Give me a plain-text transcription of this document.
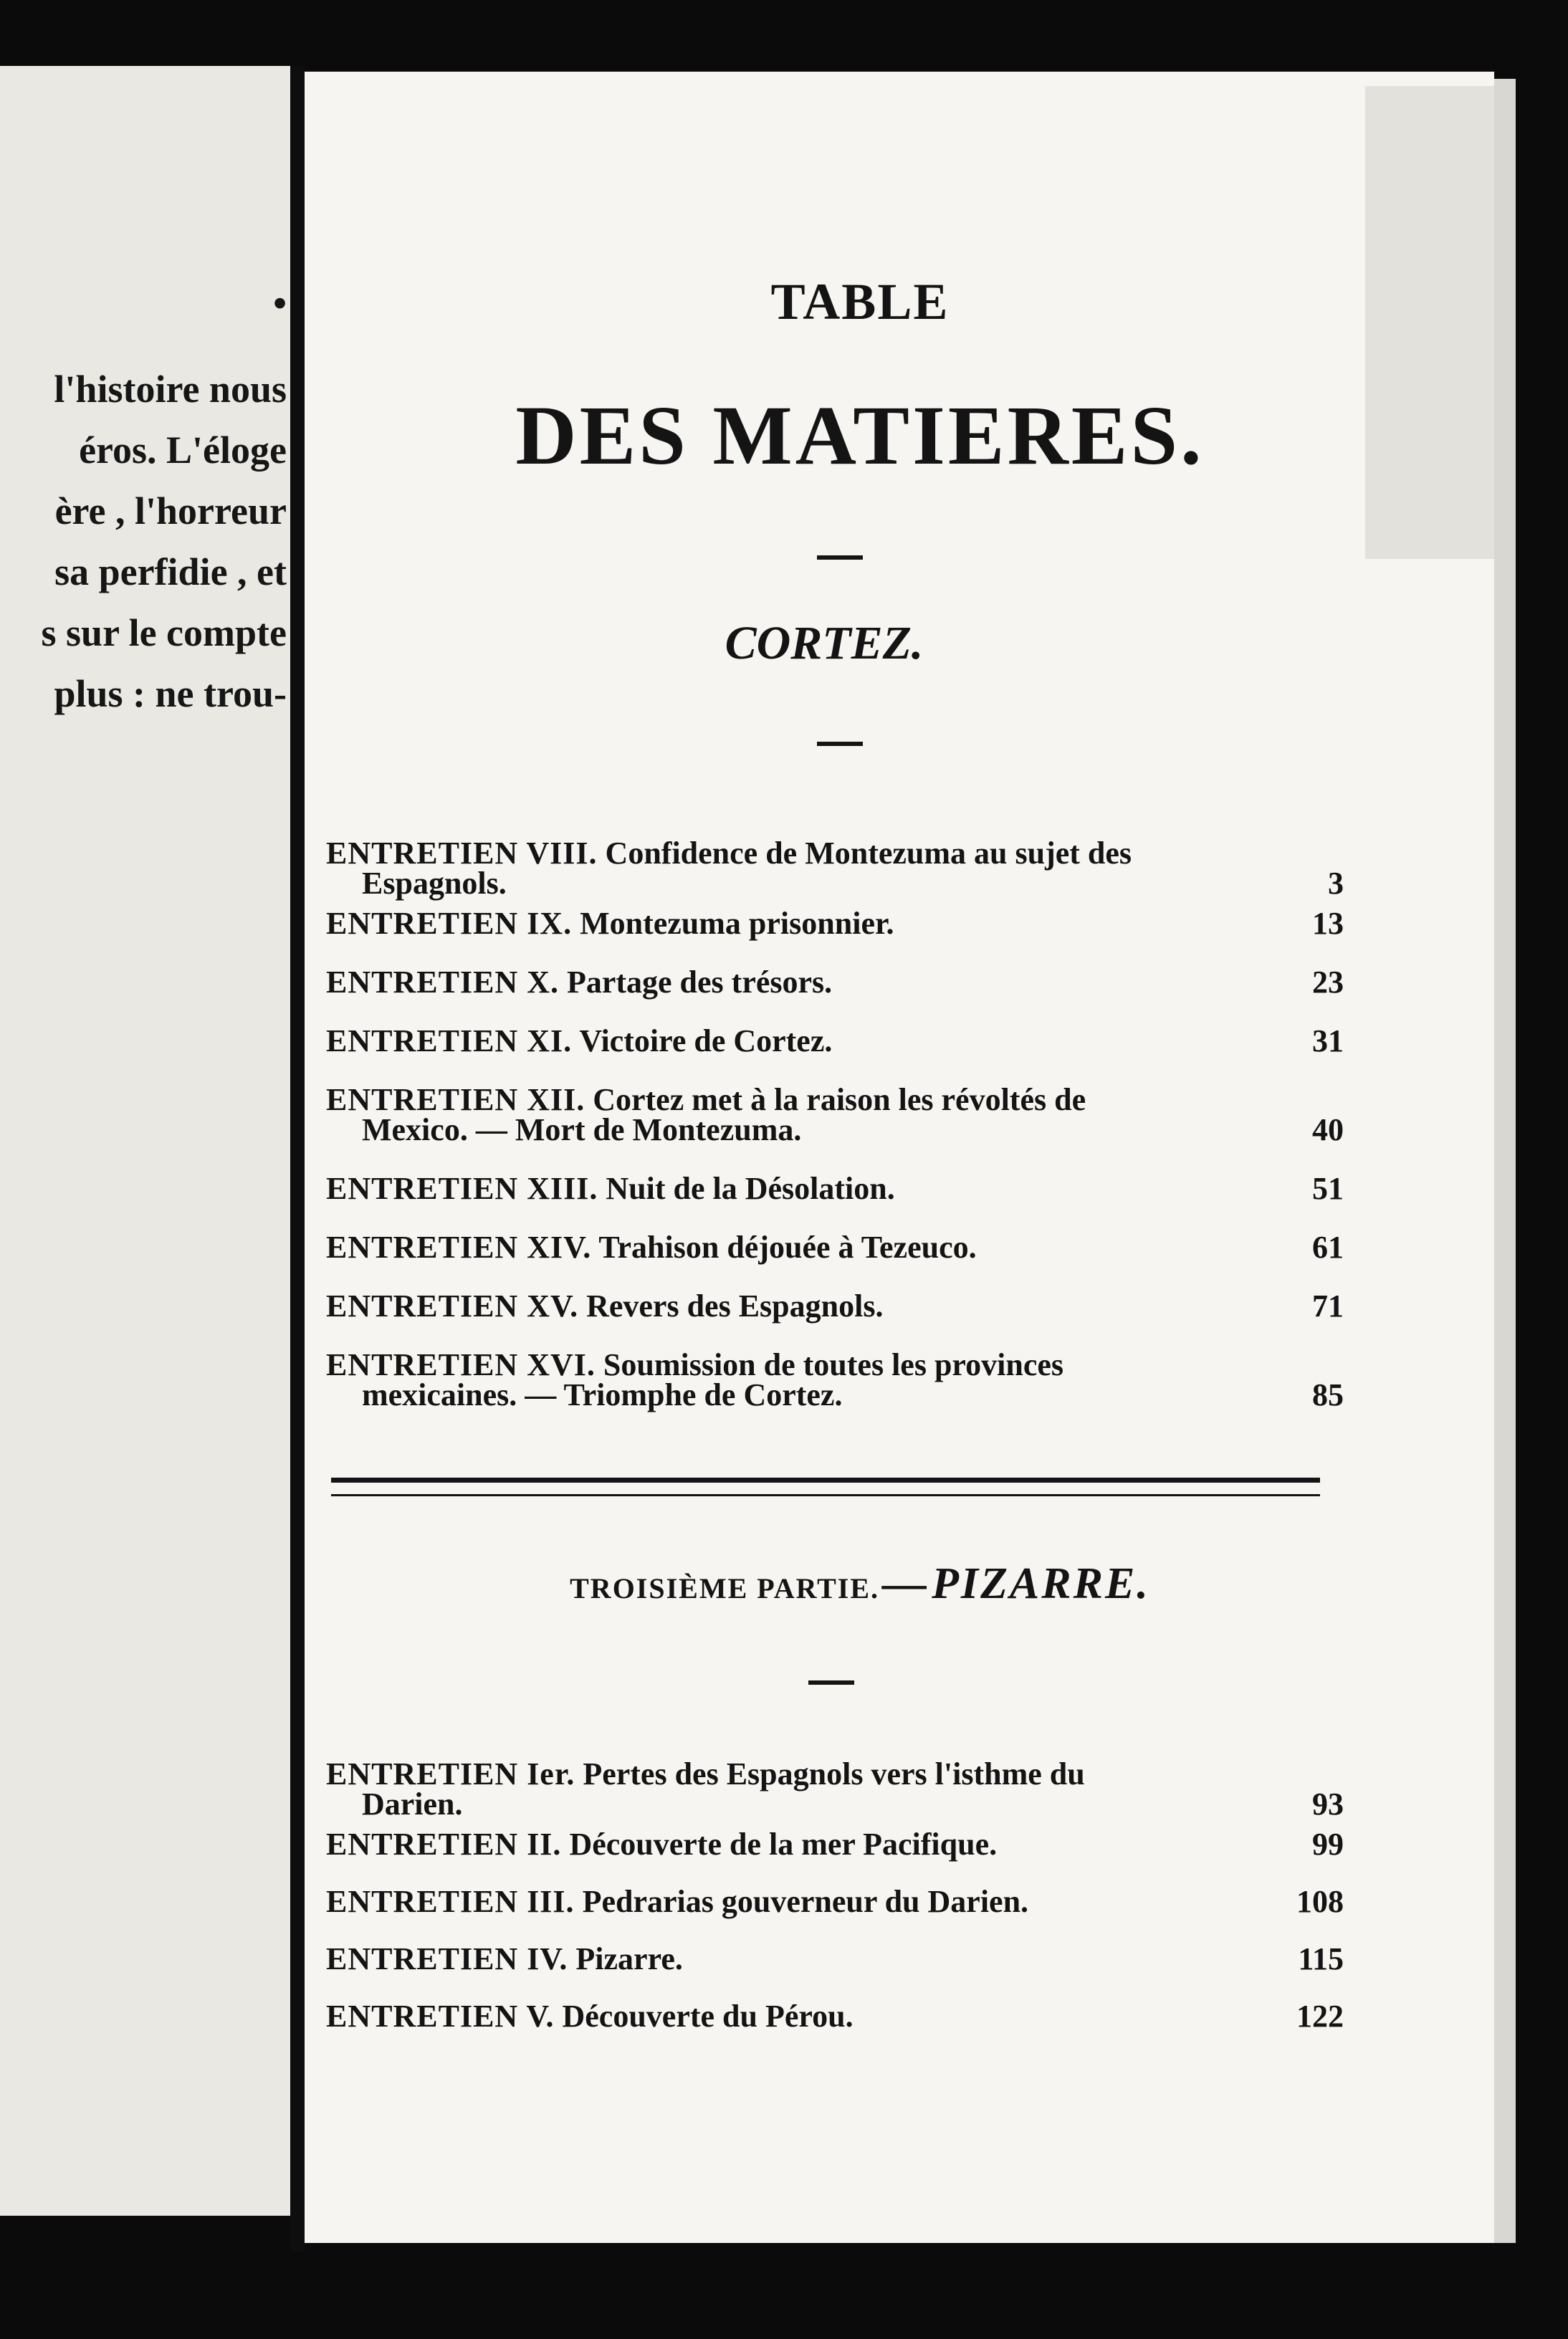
•
l'histoire nous
éros. L'éloge
ère , l'horreur
sa perfidie , et
s sur le compte
plus : ne trou-
TABLE
DES MATIERES.
CORTEZ.
ENTRETIEN VIII. Confidence de Montezuma au sujet des
Espagnols.	3
ENTRETIEN IX. Montezuma prisonnier.	13
ENTRETIEN X. Partage des trésors.	23
ENTRETIEN XI. Victoire de Cortez.	31
ENTRETIEN XII. Cortez met à la raison les révoltés de
Mexico. — Mort de Montezuma.	40
ENTRETIEN XIII. Nuit de la Désolation.	51
ENTRETIEN XIV. Trahison déjouée à Tezeuco.	61
ENTRETIEN XV. Revers des Espagnols.	71
ENTRETIEN XVI. Soumission de toutes les provinces
mexicaines. — Triomphe de Cortez.	85
TROISIÈME PARTIE. — PIZARRE.
ENTRETIEN Ier. Pertes des Espagnols vers l'isthme du
Darien.	93
ENTRETIEN II. Découverte de la mer Pacifique.	99
ENTRETIEN III. Pedrarias gouverneur du Darien.	108
ENTRETIEN IV. Pizarre.	115
ENTRETIEN V. Découverte du Pérou.	122
